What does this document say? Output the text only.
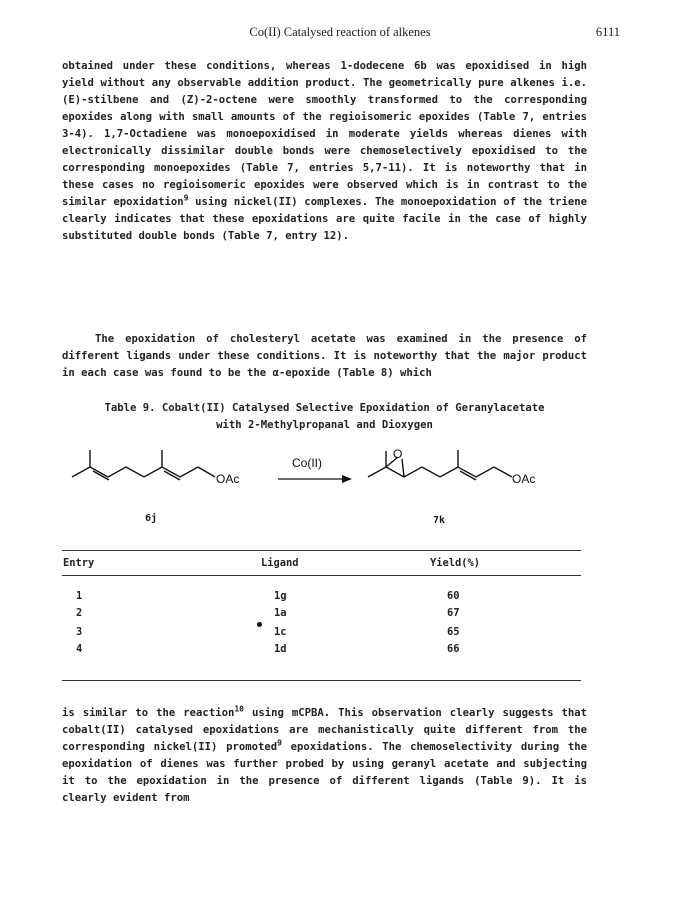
Co(II) Catalysed reaction of alkenes	6111

obtained under these conditions, whereas 1-dodecene 6b was epoxidised in high yield without any observable addition product. The geometrically pure alkenes i.e. (E)-stilbene and (Z)-2-octene were smoothly transformed to the corresponding epoxides along with small amounts of the regioisomeric epoxides (Table 7, entries 3-4). 1,7-Octadiene was monoepoxidised in moderate yields whereas dienes with electronically dissimilar double bonds were chemoselectively epoxidised to the corresponding monoepoxides (Table 7, entries 5,7-11). It is noteworthy that in these cases no regioisomeric epoxides were observed which is in contrast to the similar epoxidation$^9$ using nickel(II) complexes. The monoepoxidation of the triene clearly indicates that these epoxidations are quite facile in the case of highly substituted double bonds (Table 7, entry 12).

The epoxidation of cholesteryl acetate was examined in the presence of different ligands under these conditions. It is noteworthy that the major product in each case was found to be the α-epoxide (Table 8) which

Table 9. Cobalt(II) Catalysed Selective Epoxidation of Geranylacetate
with 2-Methylpropanal and Dioxygen
OAc
Co(II)
O
OAc
6j	7k
Entry	Ligand	Yield(%)
1	1g	60
2	1a	67
3	1c	65
4	1d	66

is similar to the reaction$^{10}$ using mCPBA. This observation clearly suggests that cobalt(II) catalysed epoxidations are mechanistically quite different from the corresponding nickel(II) promoted$^9$ epoxidations. The chemoselectivity during the epoxidation of dienes was further probed by using geranyl acetate and subjecting it to the epoxidation in the presence of different ligands (Table 9). It is clearly evident from
